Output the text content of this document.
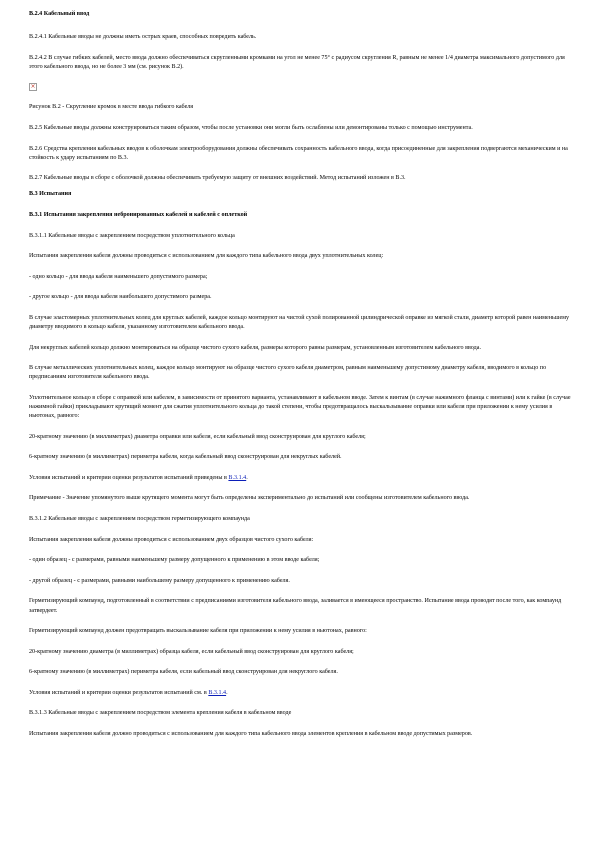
В.2.4 Кабельный ввод

В.2.4.1 Кабельные вводы не должны иметь острых краев, способных повредить кабель.

В.2.4.2 В случае гибких кабелей, место ввода должно обеспечиваться скругленными кромками на угол не менее 75° с радиусом скругления R, равным не менее 1/4 диаметра максимального допустимого для этого кабельного ввода, но не более 3 мм (см. рисунок В.2).

×

Рисунок В.2 - Скругление кромок в месте ввода гибкого кабеля

В.2.5 Кабельные вводы должны конструироваться таким образом, чтобы после установки они могли быть ослаблены или демонтированы только с помощью инструмента.

В.2.6 Средства крепления кабельных вводов к оболочкам электрооборудования должны обеспечивать сохранность кабельного ввода, когда присоединенные для закрепления подвергаются механическим и на стойкость к удару испытаниям по В.3.

В.2.7 Кабельные вводы в сборе с оболочкой должны обеспечивать требуемую защиту от внешних воздействий. Метод испытаний изложен в В.3.

В.3 Испытания

В.3.1 Испытания закрепления небронированных кабелей и кабелей с оплеткой

В.3.1.1 Кабельные вводы с закреплением посредством уплотнительного кольца

Испытания закрепления кабеля должны проводиться с использованием для каждого типа кабельного ввода двух уплотнительных колец:

- одно кольцо - для ввода кабеля наименьшего допустимого размера;

- другое кольцо - для ввода кабеля наибольшего допустимого размера.

В случае эластомерных уплотнительных колец для круглых кабелей, каждое кольцо монтируют на чистой сухой полированной цилиндрической оправке из мягкой стали, диаметр которой равен наименьшему диаметру вводимого в кольцо кабеля, указанному изготовителем кабельного ввода.

Для некруглых кабелей кольцо должно монтироваться на образце чистого сухого кабеля, размеры которого равны размерам, установленным изготовителем кабельного ввода.

В случае металлических уплотнительных колец, каждое кольцо монтируют на образце чистого сухого кабеля диаметром, равным наименьшему допустимому диаметру кабеля, вводимого в кольцо по предписаниям изготовителя кабельного ввода.

Уплотнительное кольцо в сборе с оправкой или кабелем, в зависимости от принятого варианта, устанавливают в кабельном вводе. Затем к винтам (в случае нажимного фланца с винтами) или к гайке (в случае нажимной гайки) прикладывают крутящий момент для сжатия уплотнительного кольца до такой степени, чтобы предотвращалось выскальзывание оправки или кабеля при приложении к нему усилия в ньютонах, равного:

20-кратному значению (в миллиметрах) диаметра оправки или кабеля, если кабельный ввод сконструирован для круглого кабеля;

6-кратному значению (в миллиметрах) периметра кабеля, когда кабельный ввод сконструирован для некруглых кабелей.

Условия испытаний и критерии оценки результатов испытаний приведены в В.3.1.4.

Примечание - Значение упомянутого выше крутящего момента могут быть определены экспериментально до испытаний или сообщены изготовителем кабельного ввода.

В.3.1.2 Кабельные вводы с закреплением посредством герметизирующего компаунда

Испытания закрепления кабеля должны проводиться с использованием двух образцов чистого сухого кабеля:

- один образец - с размерами, равными наименьшему размеру допущенного к применению в этом вводе кабеля;

- другой образец - с размерами, равными наибольшему размеру допущенного к применению кабеля.

Герметизирующий компаунд, подготовленный в соответствии с предписаниями изготовителя кабельного ввода, заливается в имеющееся пространство. Испытание ввода проводят после того, как компаунд затвердеет.

Герметизирующий компаунд должен предотвращать выскальзывание кабеля при приложении к нему усилия в ньютонах, равного:

20-кратному значению диаметра (в миллиметрах) образца кабеля, если кабельный ввод сконструирован для круглого кабеля;

6-кратному значению (в миллиметрах) периметра кабеля, если кабельный ввод сконструирован для некруглого кабеля.

Условия испытаний и критерии оценки результатов испытаний см. в В.3.1.4.

В.3.1.3 Кабельные вводы с закреплением посредством элемента крепления кабеля в кабельном вводе

Испытания закрепления кабеля должно проводиться с использованием для каждого типа кабельного ввода элементов крепления в кабельном вводе допустимых размеров.
